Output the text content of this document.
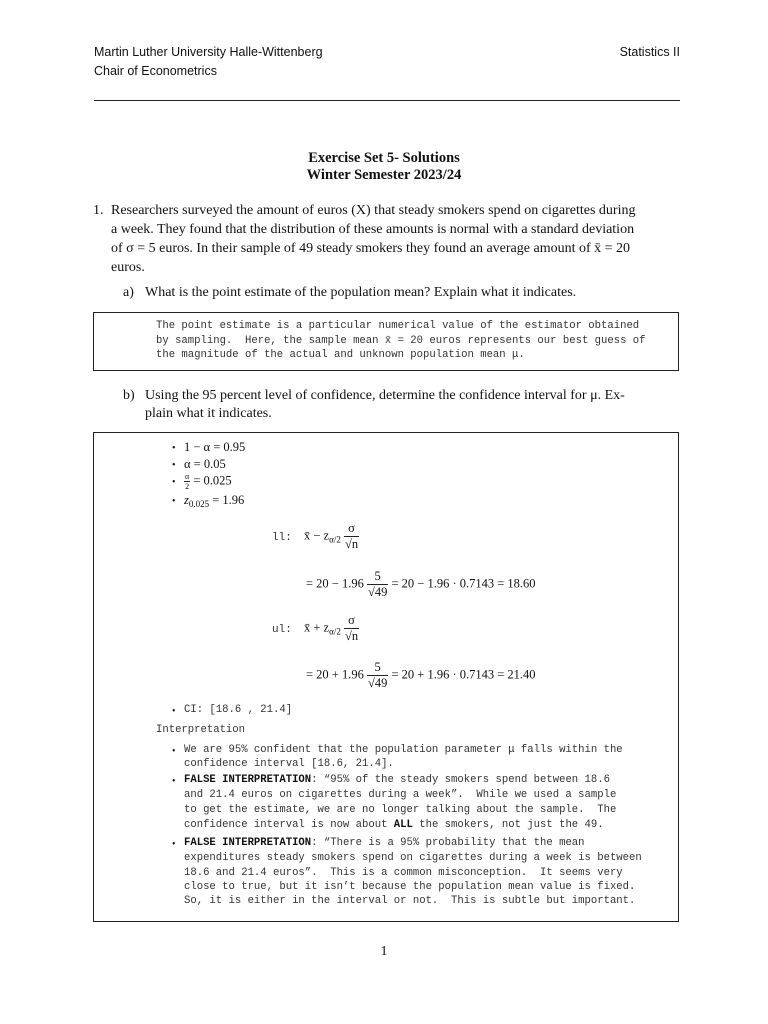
Martin Luther University Halle-Wittenberg
Chair of Econometrics
Statistics II
Exercise Set 5- Solutions
Winter Semester 2023/24
1. Researchers surveyed the amount of euros (X) that steady smokers spend on cigarettes during
a week. They found that the distribution of these amounts is normal with a standard deviation
of σ = 5 euros. In their sample of 49 steady smokers they found an average amount of x̄ = 20
euros.
a) What is the point estimate of the population mean? Explain what it indicates.
The point estimate is a particular numerical value of the estimator obtained
by sampling.  Here, the sample mean x̄ = 20 euros represents our best guess of
the magnitude of the actual and unknown population mean μ.
b) Using the 95 percent level of confidence, determine the confidence interval for μ. Ex-
plain what it indicates.
• 1 − α = 0.95
• α = 0.05
• $\frac{\alpha}{2} = 0.025$
• $z_{0.025} = 1.96$
ll: x̄ − $z_{\alpha/2} \frac{\sigma}{√n}$
= $20 - 1.96 \frac{5}{√49} = 20 - 1.96 \cdot 0.7143 = 18.60$
ul: x̄ + $z_{\alpha/2} \frac{\sigma}{√n}$
= $20 + 1.96 \frac{5}{√49} = 20 + 1.96 \cdot 0.7143 = 21.40$
• CI: [18.6 , 21.4]
Interpretation
• We are 95% confident that the population parameter μ falls within the
confidence interval [18.6, 21.4].
• FALSE INTERPRETATION: “95% of the steady smokers spend between 18.6
and 21.4 euros on cigarettes during a week”.  While we used a sample
to get the estimate, we are no longer talking about the sample.  The
confidence interval is now about ALL the smokers, not just the 49.
• FALSE INTERPRETATION: “There is a 95% probability that the mean
expenditures steady smokers spend on cigarettes during a week is between
18.6 and 21.4 euros”.  This is a common misconception.  It seems very
close to true, but it isn’t because the population mean value is fixed.
So, it is either in the interval or not.  This is subtle but important.
1
